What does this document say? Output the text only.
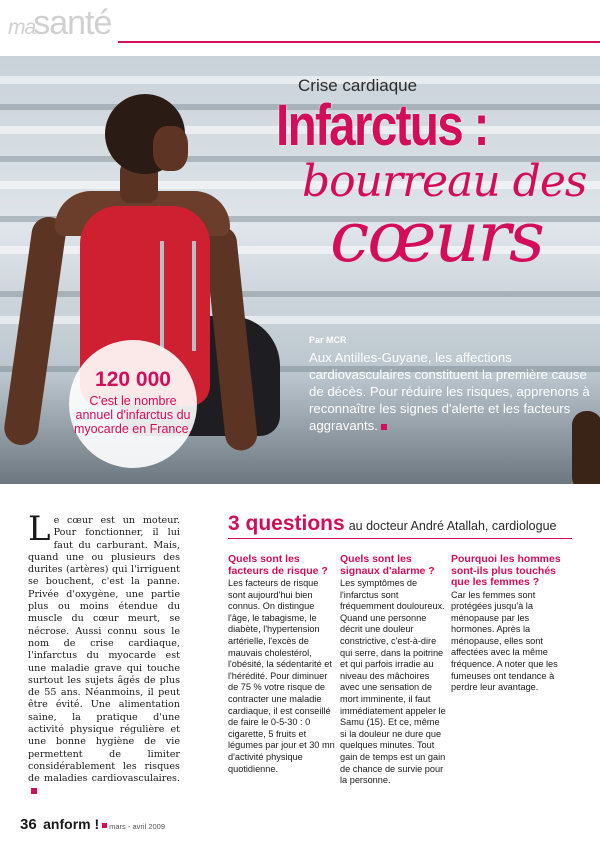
masanté
Crise cardiaque
Infarctus :
bourreau des
cœurs
Par MCR
Aux Antilles-Guyane, les affections cardiovasculaires constituent la première cause de décès. Pour réduire les risques, apprenons à reconnaître les signes d'alerte et les facteurs aggravants.
120 000
C'est le nombre annuel d'infarctus du myocarde en France.
Le cœur est un moteur. Pour fonctionner, il lui faut du carburant. Mais, quand une ou plusieurs des durites (artères) qui l'irriguent se bouchent, c'est la panne. Privée d'oxygène, une partie plus ou moins étendue du muscle du cœur meurt, se nécrose. Aussi connu sous le nom de crise cardiaque, l'infarctus du myocarde est une maladie grave qui touche surtout les sujets âgés de plus de 55 ans. Néanmoins, il peut être évité. Une alimentation saine, la pratique d'une activité physique régulière et une bonne hygiène de vie permettent de limiter considérablement les risques de maladies cardiovasculaires.
3 questions au docteur André Atallah, cardiologue
Quels sont les facteurs de risque ?
Les facteurs de risque sont aujourd'hui bien connus. On distingue l'âge, le tabagisme, le diabète, l'hypertension artérielle, l'excès de mauvais cholestérol, l'obésité, la sédentarité et l'hérédité. Pour diminuer de 75 % votre risque de contracter une maladie cardiaque, il est conseillé de faire le 0-5-30 : 0 cigarette, 5 fruits et légumes par jour et 30 mn d'activité physique quotidienne.
Quels sont les signaux d'alarme ?
Les symptômes de l'infarctus sont fréquemment douloureux. Quand une personne décrit une douleur constrictive, c'est-à-dire qui serre, dans la poitrine et qui parfois irradie au niveau des mâchoires avec une sensation de mort imminente, il faut immédiatement appeler le Samu (15). Et ce, même si la douleur ne dure que quelques minutes. Tout gain de temps est un gain de chance de survie pour la personne.
Pourquoi les hommes sont-ils plus touchés que les femmes ?
Car les femmes sont protégées jusqu'à la ménopause par les hormones. Après la ménopause, elles sont affectées avec la même fréquence. A noter que les fumeuses ont tendance à perdre leur avantage.
36 anform ! mars - avril 2009
